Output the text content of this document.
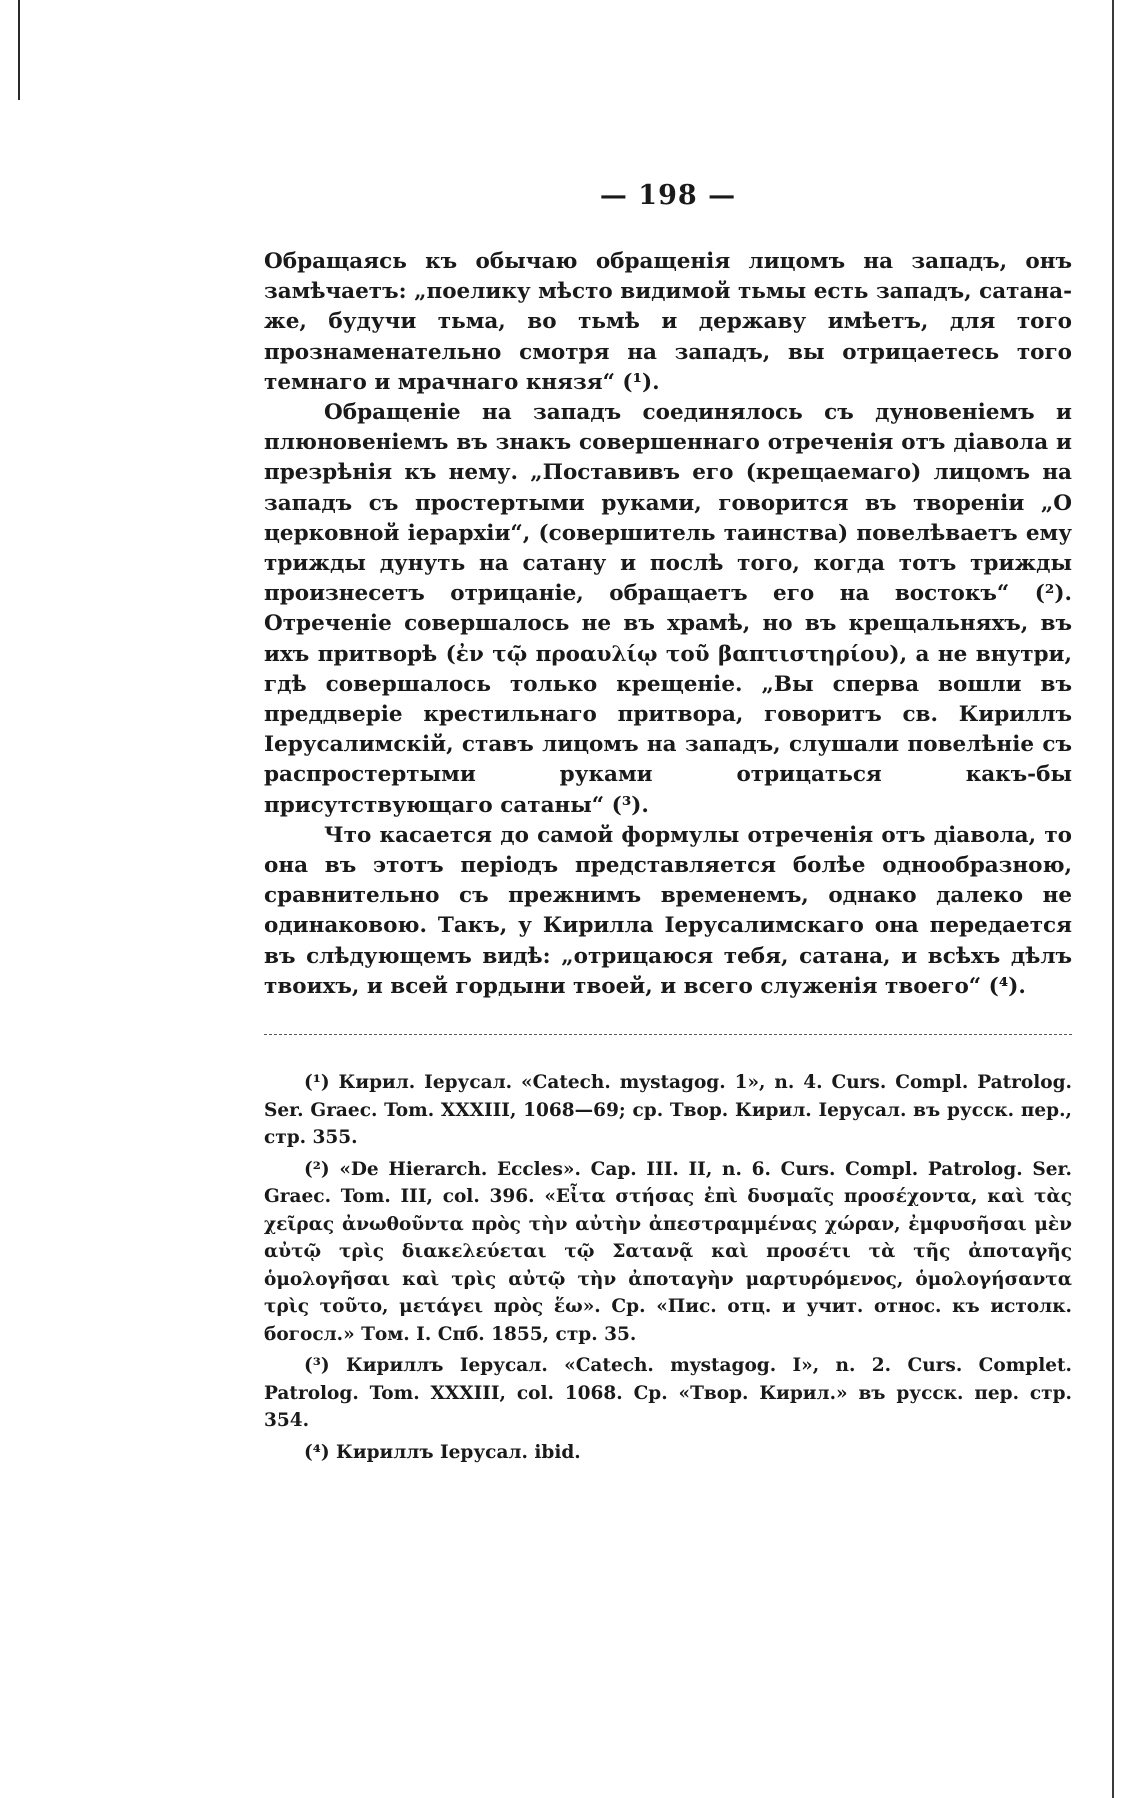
— 198 —

Обращаясь къ обычаю обращенія лицомъ на западъ, онъ замѣчаетъ: „поелику мѣсто видимой тьмы есть западъ, сатана-же, будучи тьма, во тьмѣ и державу имѣетъ, для того прознаменательно смотря на западъ, вы отрицаетесь того темнаго и мрачнаго князя“ (¹).

Обращеніе на западъ соединялось съ дуновеніемъ и плюновеніемъ въ знакъ совершеннаго отреченія отъ діавола и презрѣнія къ нему. „Поставивъ его (крещаемаго) лицомъ на западъ съ простертыми руками, говорится въ твореніи „О церковной іерархіи“, (совершитель таинства) повелѣваетъ ему трижды дунуть на сатану и послѣ того, когда тотъ трижды произнесетъ отрицаніе, обращаетъ его на востокъ“ (²). Отреченіе совершалось не въ храмѣ, но въ крещальняхъ, въ ихъ притворѣ (ἐν τῷ προαυλίῳ τοῦ βαπτιστηρίου), а не внутри, гдѣ совершалось только крещеніе. „Вы сперва вошли въ преддверіе крестильнаго притвора, говоритъ св. Кириллъ Іерусалимскій, ставъ лицомъ на западъ, слушали повелѣніе съ распростертыми руками отрицаться какъ-бы присутствующаго сатаны“ (³).

Что касается до самой формулы отреченія отъ діавола, то она въ этотъ періодъ представляется болѣе однообразною, сравнительно съ прежнимъ временемъ, однако далеко не одинаковою. Такъ, у Кирилла Іерусалимскаго она передается въ слѣдующемъ видѣ: „отрицаюся тебя, сатана, и всѣхъ дѣлъ твоихъ, и всей гордыни твоей, и всего служенія твоего“ (⁴).

(¹) Кирил. Іерусал. «Catech. mystagog. 1», n. 4. Curs. Compl. Patrolog. Ser. Graec. Tom. XXXIII, 1068—69; ср. Твор. Кирил. Іерусал. въ русск. пер., стр. 355.

(²) «De Hierarch. Eccles». Cap. III. II, n. 6. Curs. Compl. Patrolog. Ser. Graec. Tom. III, col. 396. «Εἶτα στήσας ἐπὶ δυσμαῖς προσέχοντα, καὶ τὰς χεῖρας ἀνωθοῦντα πρὸς τὴν αὐτὴν ἀπεστραμμένας χώραν, ἐμφυσῆσαι μὲν αὐτῷ τρὶς διακελεύεται τῷ Σατανᾷ καὶ προσέτι τὰ τῆς ἀποταγῆς ὁμολογῆσαι καὶ τρὶς αὐτῷ τὴν ἀποταγὴν μαρτυρόμενος, ὁμολογήσαντα τρὶς τοῦτο, μετάγει πρὸς ἕω». Ср. «Пис. отц. и учит. относ. къ истолк. богосл.» Том. I. Спб. 1855, стр. 35.

(³) Кириллъ Іерусал. «Catech. mystagog. I», n. 2. Curs. Complet. Patrolog. Tom. XXXIII, col. 1068. Ср. «Твор. Кирил.» въ русск. пер. стр. 354.

(⁴) Кириллъ Іерусал. ibid.
